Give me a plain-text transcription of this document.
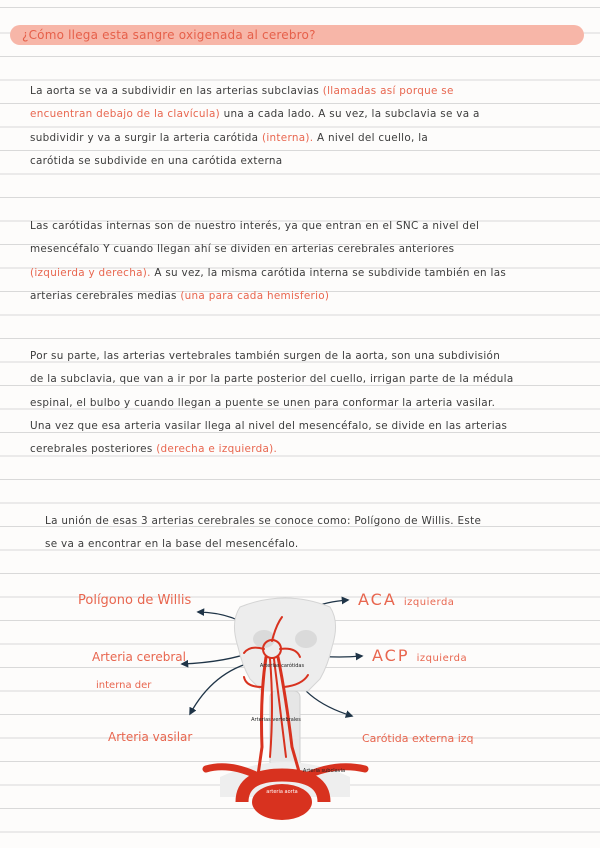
¿Cómo llega esta sangre oxigenada al cerebro?
La aorta se va a subdividir en las arterias subclavias (llamadas así porque se
encuentran debajo de la clavícula) una a cada lado. A su vez, la subclavia se va a
subdividir y va a surgir la arteria carótida (interna). A nivel del cuello, la
carótida se subdivide en una carótida externa
Las carótidas internas son de nuestro interés, ya que entran en el SNC a nivel del
mesencéfalo Y cuando llegan ahí se dividen en arterias cerebrales anteriores
(izquierda y derecha). A su vez, la misma carótida interna se subdivide también en las
arterias cerebrales medias (una para cada hemisferio)
Por su parte, las arterias vertebrales también surgen de la aorta, son una subdivisión
de la subclavia, que van a ir por la parte posterior del cuello, irrigan parte de la médula
espinal, el bulbo y cuando llegan a puente se unen para conformar la arteria vasilar.
Una vez que esa arteria vasilar llega al nivel del mesencéfalo, se divide en las arterias
cerebrales posteriores (derecha e izquierda).
La unión de esas 3 arterias cerebrales se conoce como: Polígono de Willis. Este
se va a encontrar en la base del mesencéfalo.
Polígono de Willis	ACA izquierda
Arteria cerebral
interna der
ACP izquierda
Arteria vasilar	Carótida externa izq
Arterias carótidas
Arterias vertebrales
Arteria subclavia
arteria aorta
